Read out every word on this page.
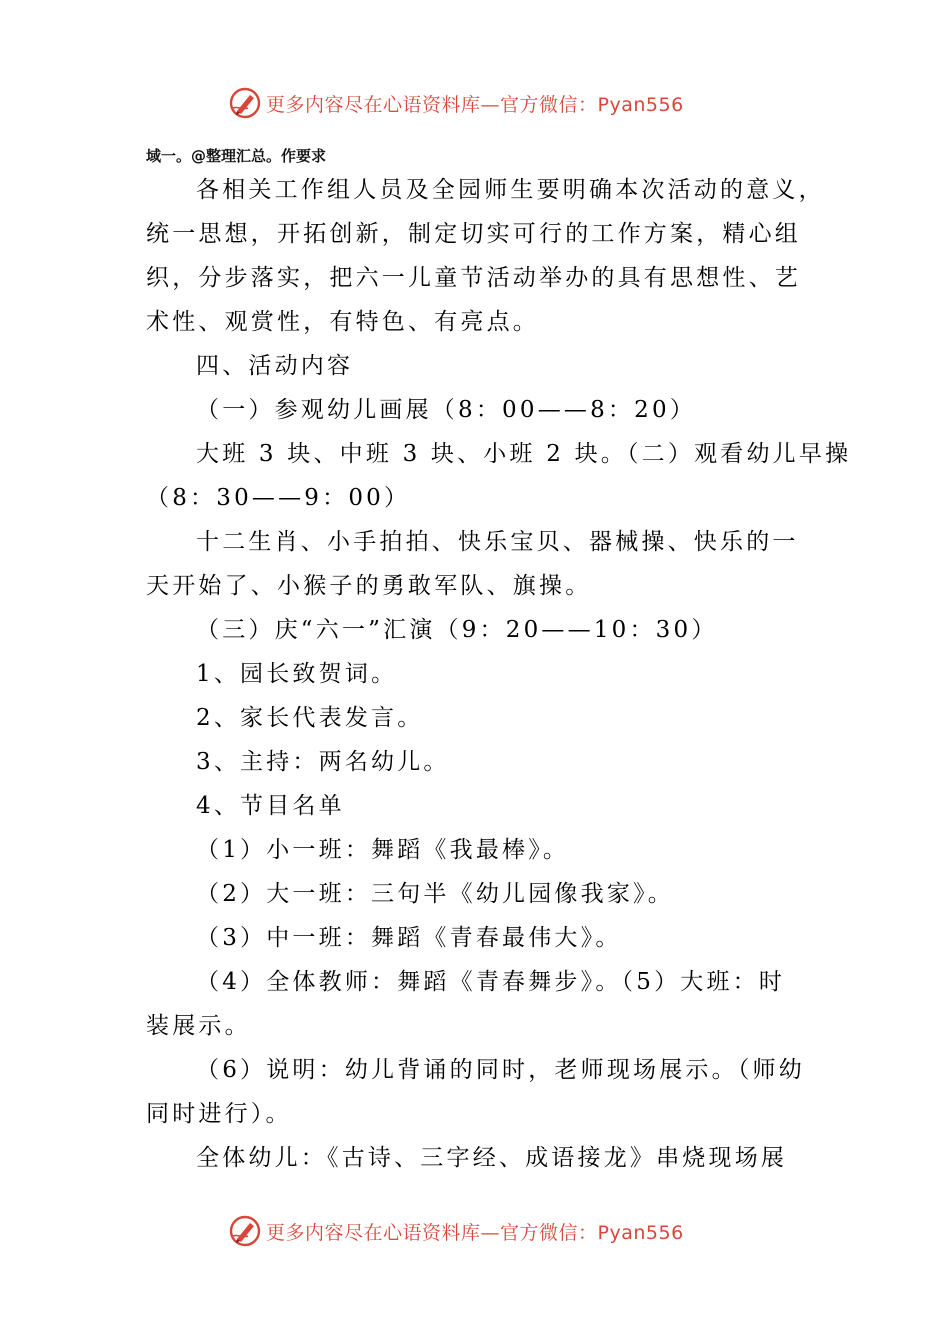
更多内容尽在心语资料库—官方微信：Pyan556
域一。@整理汇总。作要求
各相关工作组人员及全园师生要明确本次活动的意义，
统一思想，开拓创新，制定切实可行的工作方案，精心组
织，分步落实，把六一儿童节活动举办的具有思想性、艺
术性、观赏性，有特色、有亮点。
四、活动内容
（一）参观幼儿画展（8：00——8：20）
大班 3 块、中班 3 块、小班 2 块。（二）观看幼儿早操
（8：30——9：00）
十二生肖、小手拍拍、快乐宝贝、器械操、快乐的一
天开始了、小猴子的勇敢军队、旗操。
（三）庆“六一”汇演（9：20——10：30）
1、园长致贺词。
2、家长代表发言。
3、主持：两名幼儿。
4、节目名单
（1）小一班：舞蹈《我最棒》。
（2）大一班：三句半《幼儿园像我家》。
（3）中一班：舞蹈《青春最伟大》。
（4）全体教师：舞蹈《青春舞步》。（5）大班：时
装展示。
（6）说明：幼儿背诵的同时，老师现场展示。（师幼
同时进行）。
全体幼儿：《古诗、三字经、成语接龙》串烧现场展
更多内容尽在心语资料库—官方微信：Pyan556
